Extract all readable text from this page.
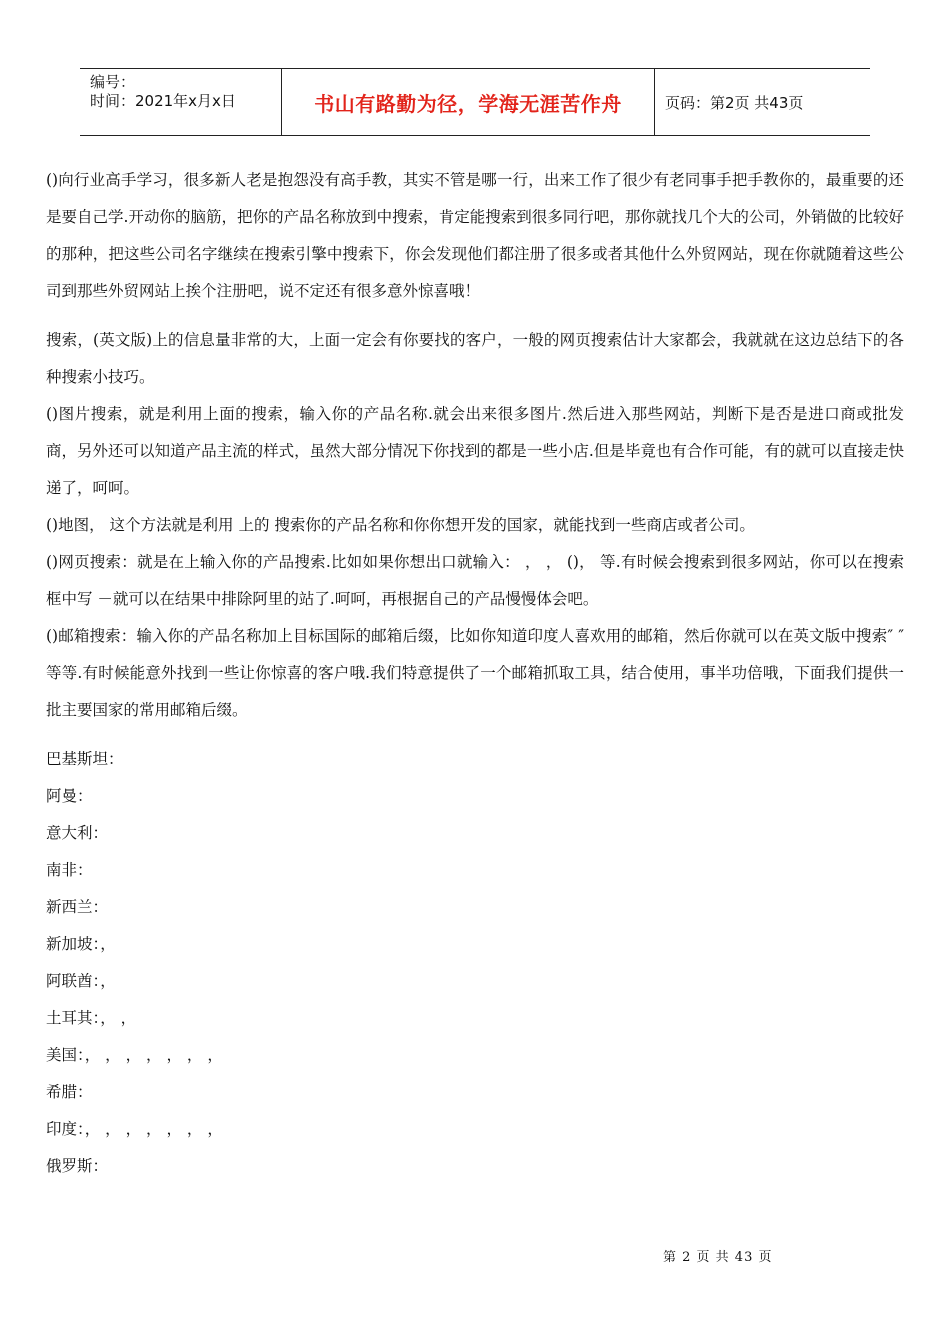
编号：
时间：2021年x月x日	书山有路勤为径，学海无涯苦作舟	页码：第2页 共43页

()向行业高手学习，很多新人老是抱怨没有高手教，其实不管是哪一行，出来工作了很少有老同事手把手教你的，最重要的还是要自己学.开动你的脑筋，把你的产品名称放到中搜索，肯定能搜索到很多同行吧，那你就找几个大的公司，外销做的比较好的那种，把这些公司名字继续在搜索引擎中搜索下，你会发现他们都注册了很多或者其他什么外贸网站，现在你就随着这些公司到那些外贸网站上挨个注册吧，说不定还有很多意外惊喜哦！

搜索，(英文版)上的信息量非常的大，上面一定会有你要找的客户，一般的网页搜索估计大家都会，我就就在这边总结下的各种搜索小技巧。

()图片搜索，就是利用上面的搜索，输入你的产品名称.就会出来很多图片.然后进入那些网站，判断下是否是进口商或批发商，另外还可以知道产品主流的样式，虽然大部分情况下你找到的都是一些小店.但是毕竟也有合作可能，有的就可以直接走快递了，呵呵。

()地图， 这个方法就是利用 上的 搜索你的产品名称和你你想开发的国家，就能找到一些商店或者公司。

()网页搜索：就是在上输入你的产品搜索.比如如果你想出口就输入： ， ， ()， 等.有时候会搜索到很多网站，你可以在搜索框中写 －就可以在结果中排除阿里的站了.呵呵，再根据自己的产品慢慢体会吧。

()邮箱搜索：输入你的产品名称加上目标国际的邮箱后缀，比如你知道印度人喜欢用的邮箱，然后你就可以在英文版中搜索″ ″等等.有时候能意外找到一些让你惊喜的客户哦.我们特意提供了一个邮箱抓取工具，结合使用，事半功倍哦，下面我们提供一批主要国家的常用邮箱后缀。

巴基斯坦：

阿曼：

意大利：

南非：

新西兰：

新加坡：，

阿联酋：，

土耳其：， ，

美国：， ， ， ， ， ， ，

希腊：

印度：， ， ， ， ， ， ，

俄罗斯：

第 2 页 共 43 页
